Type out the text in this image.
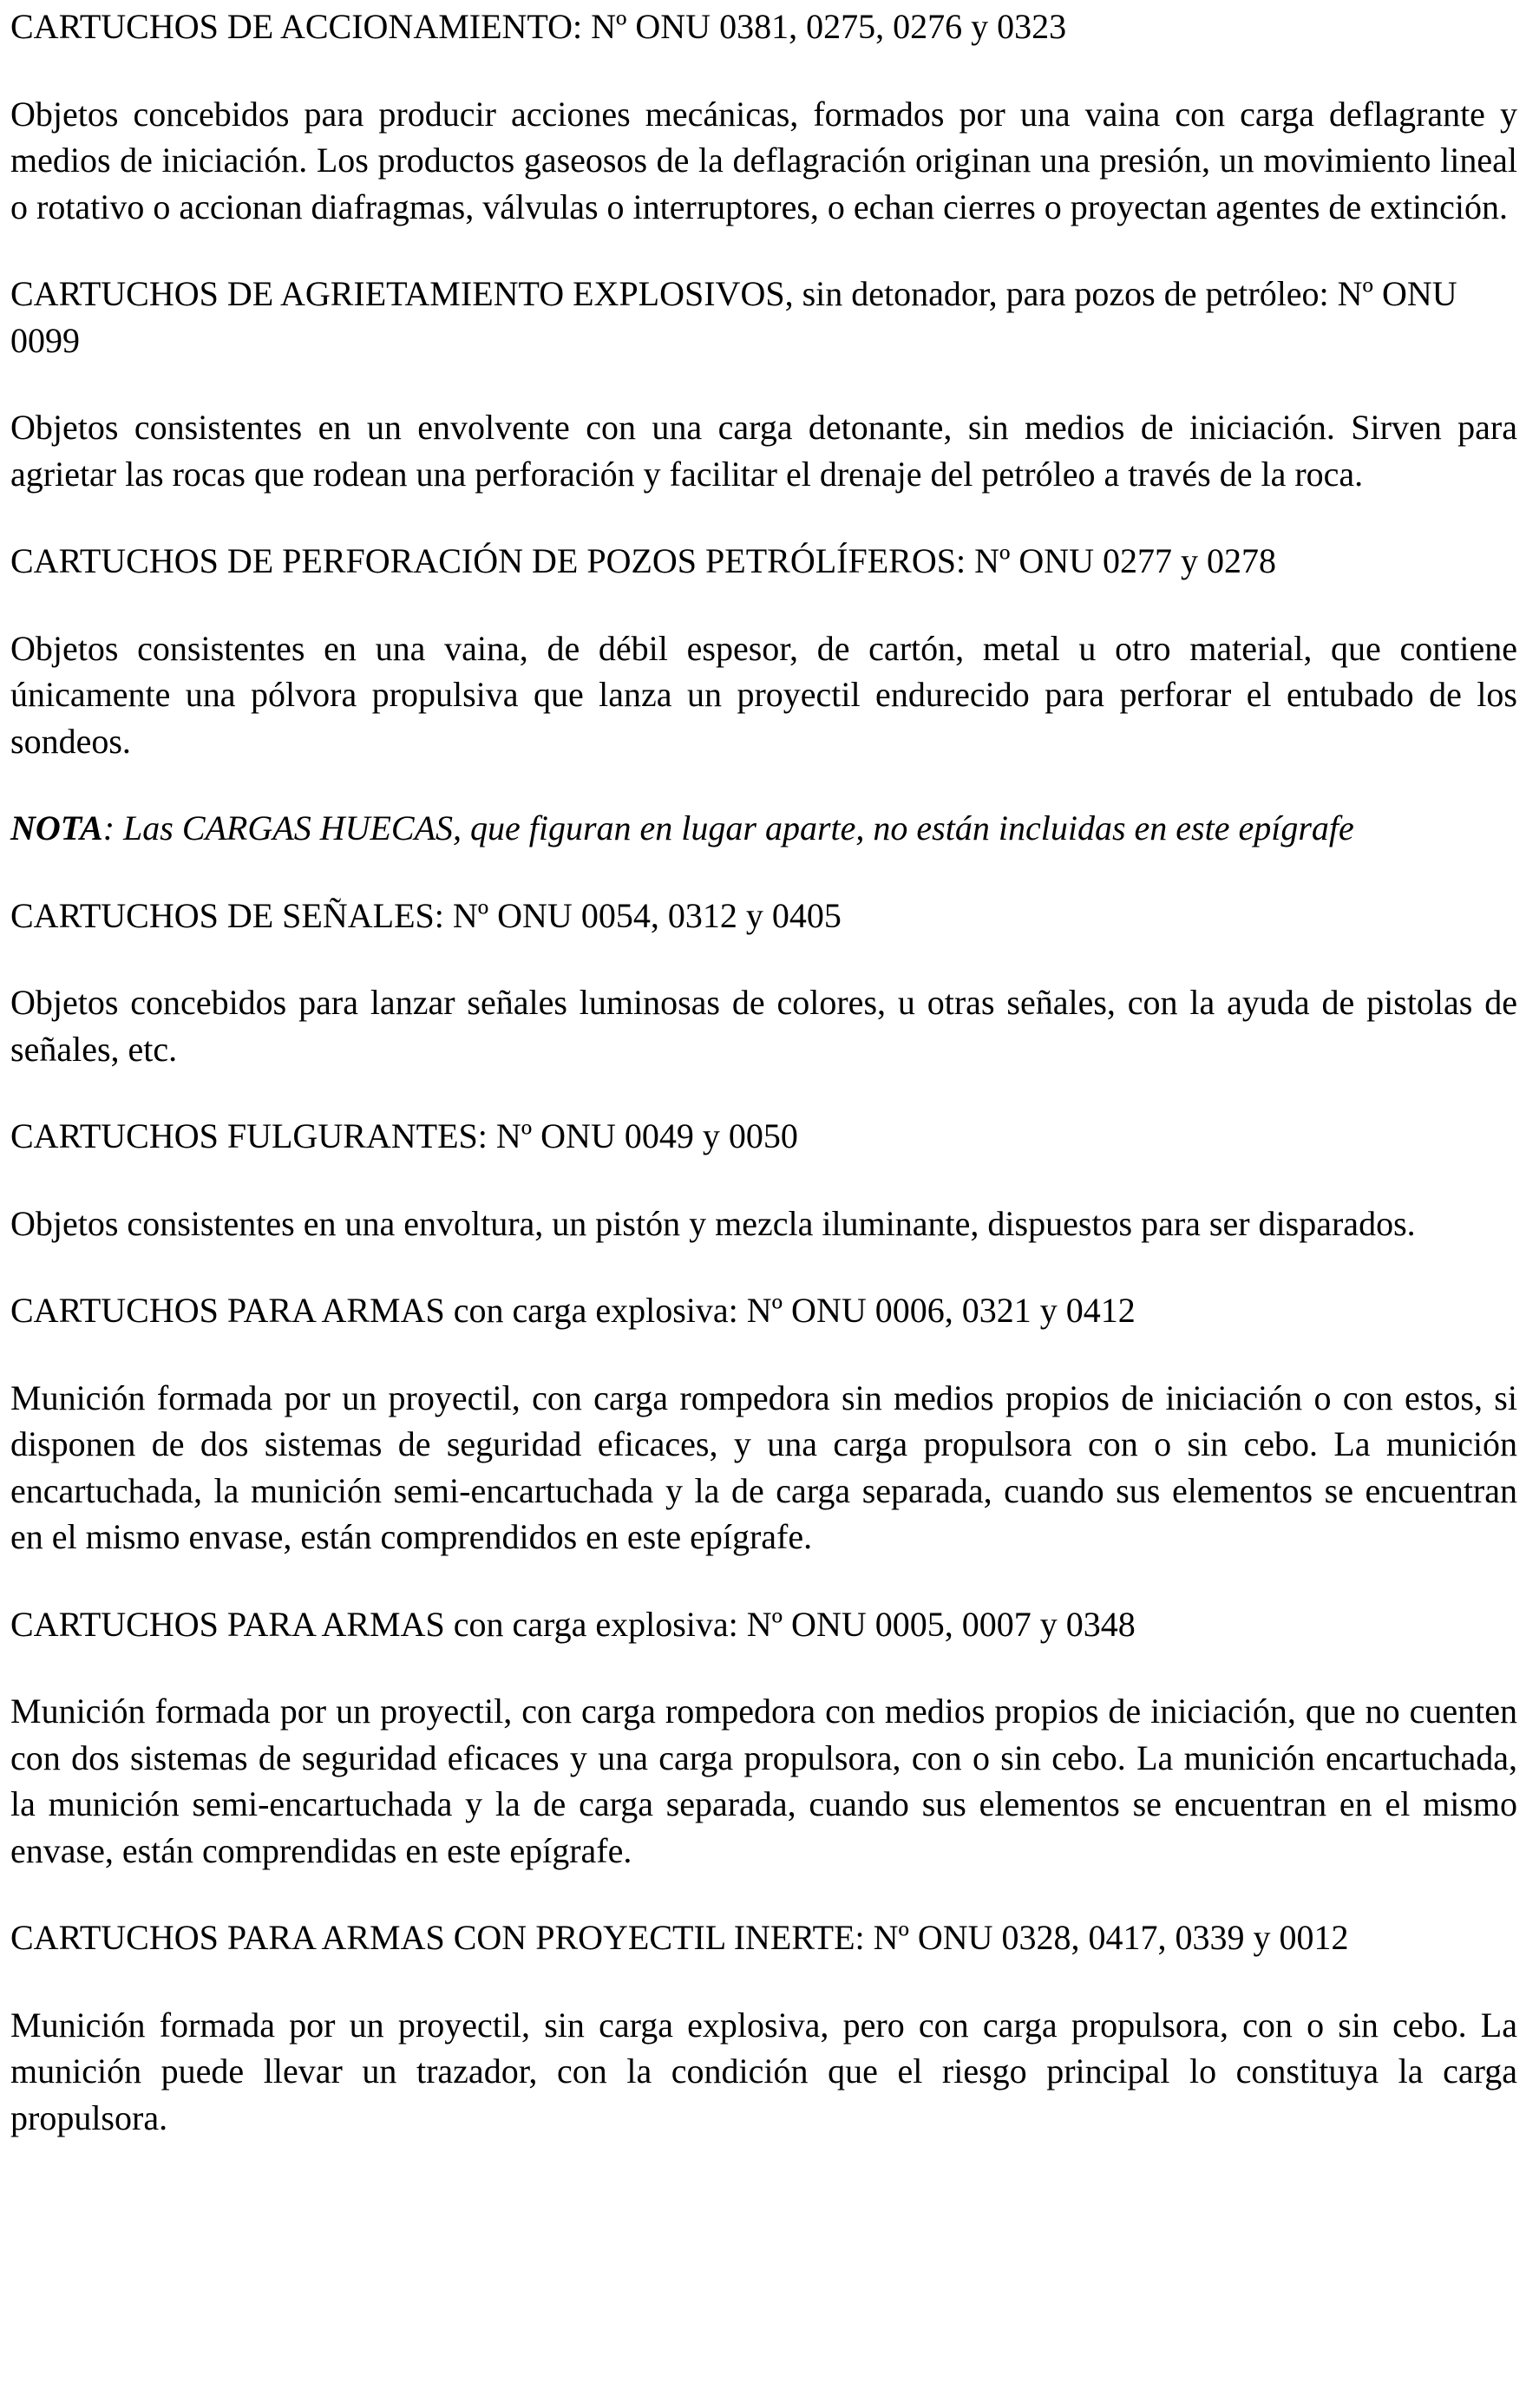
CARTUCHOS DE ACCIONAMIENTO: Nº ONU 0381, 0275, 0276 y 0323

Objetos concebidos para producir acciones mecánicas, formados por una vaina con carga deflagrante y medios de iniciación. Los productos gaseosos de la deflagración originan una presión, un movimiento lineal o rotativo o accionan diafragmas, válvulas o interruptores, o echan cierres o proyectan agentes de extinción.

CARTUCHOS DE AGRIETAMIENTO EXPLOSIVOS, sin detonador, para pozos de petróleo: Nº ONU 0099

Objetos consistentes en un envolvente con una carga detonante, sin medios de iniciación. Sirven para agrietar las rocas que rodean una perforación y facilitar el drenaje del petróleo a través de la roca.

CARTUCHOS DE PERFORACIÓN DE POZOS PETRÓLÍFEROS: Nº ONU 0277 y 0278

Objetos consistentes en una vaina, de débil espesor, de cartón, metal u otro material, que contiene únicamente una pólvora propulsiva que lanza un proyectil endurecido para perforar el entubado de los sondeos.

NOTA: Las CARGAS HUECAS, que figuran en lugar aparte, no están incluidas en este epígrafe

CARTUCHOS DE SEÑALES: Nº ONU 0054, 0312 y 0405

Objetos concebidos para lanzar señales luminosas de colores, u otras señales, con la ayuda de pistolas de señales, etc.

CARTUCHOS FULGURANTES: Nº ONU 0049 y 0050

Objetos consistentes en una envoltura, un pistón y mezcla iluminante, dispuestos para ser disparados.

CARTUCHOS PARA ARMAS con carga explosiva: Nº ONU 0006, 0321 y 0412

Munición formada por un proyectil, con carga rompedora sin medios propios de iniciación o con estos, si disponen de dos sistemas de seguridad eficaces, y una carga propulsora con o sin cebo. La munición encartuchada, la munición semi-encartuchada y la de carga separada, cuando sus elementos se encuentran en el mismo envase, están comprendidos en este epígrafe.

CARTUCHOS PARA ARMAS con carga explosiva: Nº ONU 0005, 0007 y 0348

Munición formada por un proyectil, con carga rompedora con medios propios de iniciación, que no cuenten con dos sistemas de seguridad eficaces y una carga propulsora, con o sin cebo. La munición encartuchada, la munición semi-encartuchada y la de carga separada, cuando sus elementos se encuentran en el mismo envase, están comprendidas en este epígrafe.

CARTUCHOS PARA ARMAS CON PROYECTIL INERTE: Nº ONU 0328, 0417, 0339 y 0012

Munición formada por un proyectil, sin carga explosiva, pero con carga propulsora, con o sin cebo. La munición puede llevar un trazador, con la condición que el riesgo principal lo constituya la carga propulsora.
